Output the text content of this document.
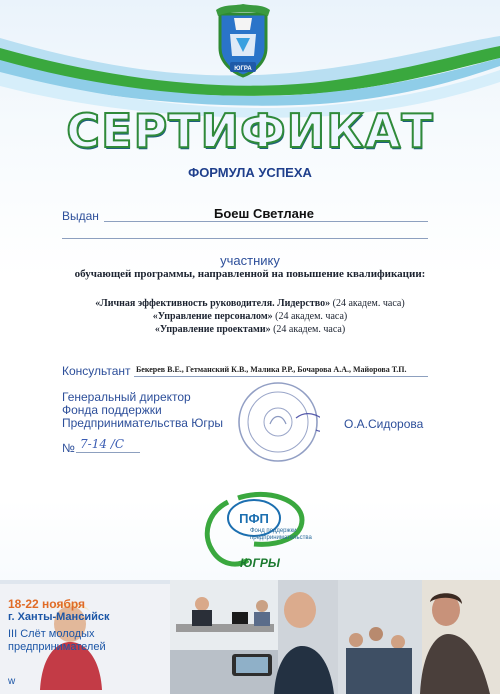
ЮГРА
СЕРТИФИКАТ
ФОРМУЛА УСПЕХА
Выдан	Боеш Светлане
участнику
обучающей программы, направленной на повышение квалификации:
«Личная эффективность руководителя. Лидерство» (24 академ. часа)
«Управление персоналом» (24 академ. часа)
«Управление проектами» (24 академ. часа)
Консультант Бекерев В.Е., Гетманский К.В., Малика Р.Р., Бочарова А.А., Майорова Т.П.
Генеральный директор
Фонда поддержки
Предпринимательства Югры	О.А.Сидорова
№ 7-14 /С
ПФП
Фонд поддержки
предпринимательства
ЮГРЫ
18-22 ноября
г. Ханты-Мансийск
III Слёт молодых
предпринимателей
w
